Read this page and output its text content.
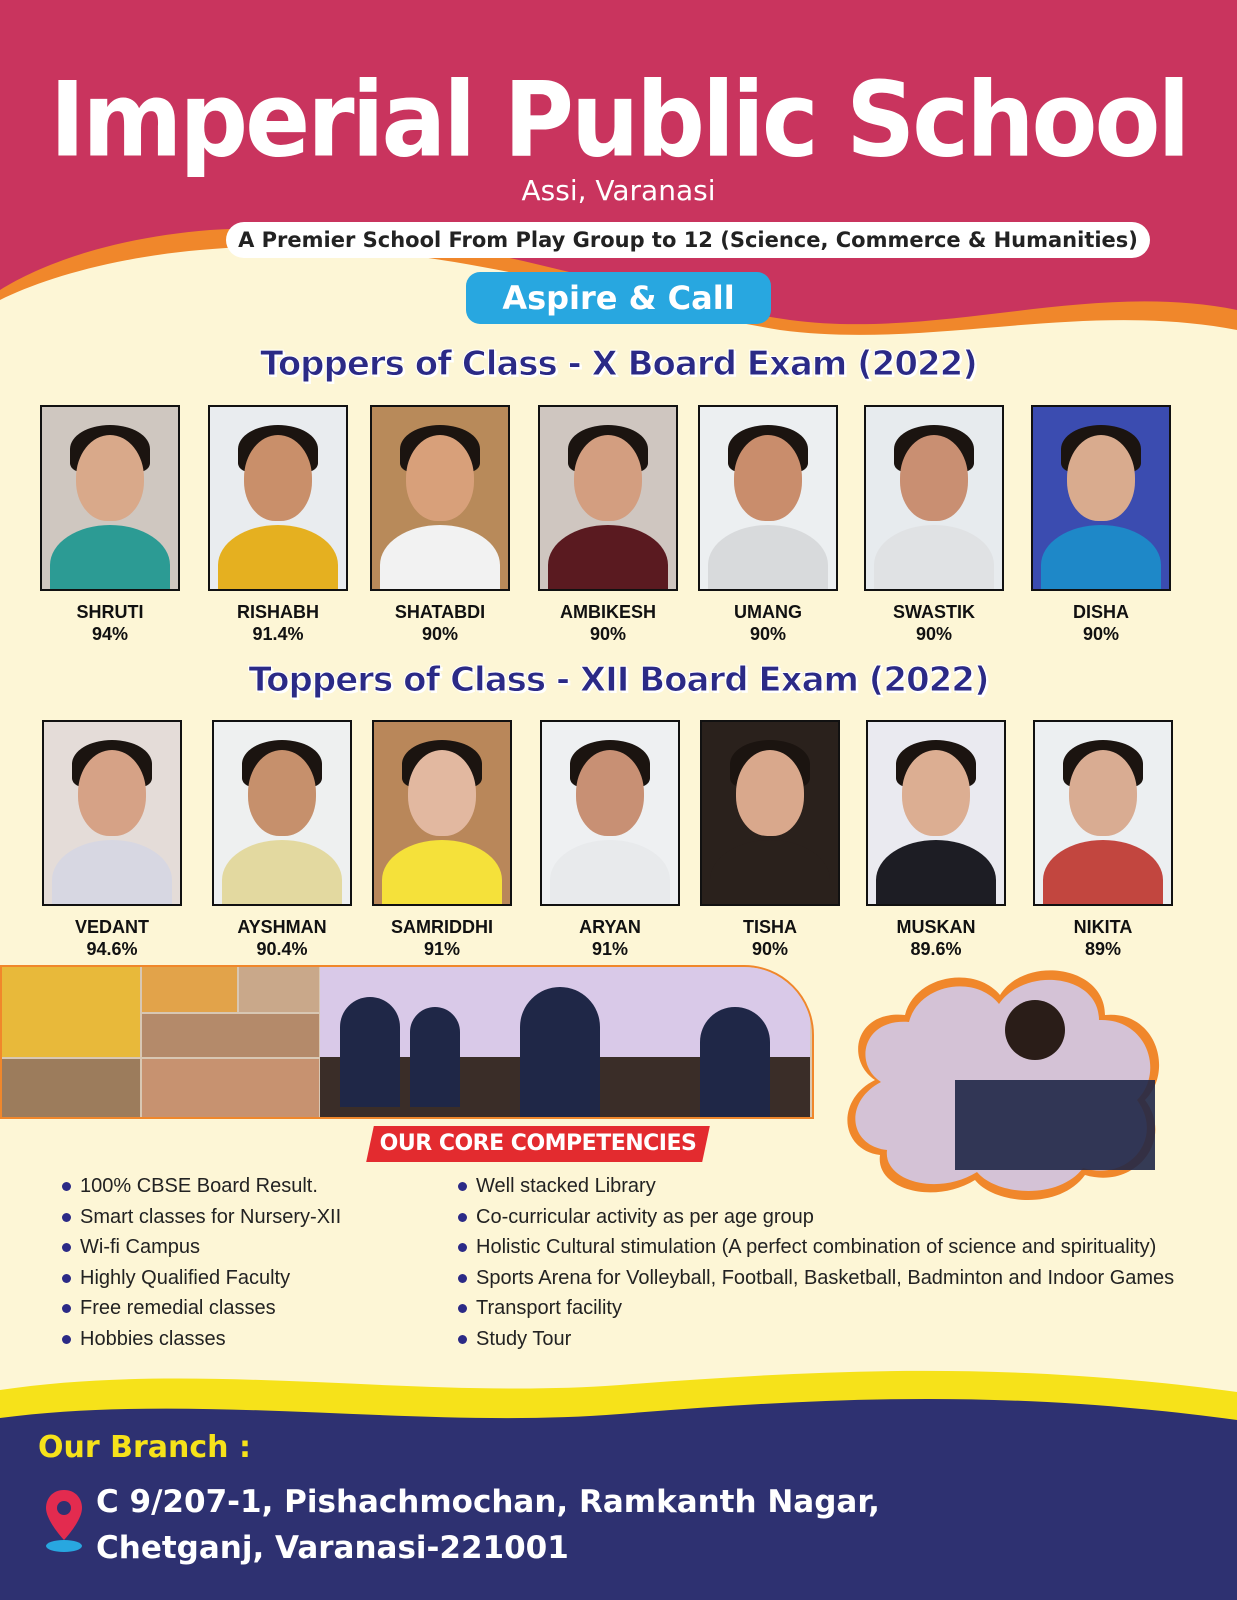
Imperial Public School
Assi, Varanasi
A Premier School From Play Group to 12 (Science, Commerce & Humanities)
Aspire & Call
Toppers of Class - X Board Exam (2022)
SHRUTI
94%
RISHABH
91.4%
SHATABDI
90%
AMBIKESH
90%
UMANG
90%
SWASTIK
90%
DISHA
90%
Toppers of Class - XII Board Exam (2022)
VEDANT
94.6%
AYSHMAN
90.4%
SAMRIDDHI
91%
ARYAN
91%
TISHA
90%
MUSKAN
89.6%
NIKITA
89%
OUR CORE COMPETENCIES
100% CBSE Board Result.
Smart classes for Nursery-XII
Wi-fi Campus
Highly Qualified Faculty
Free remedial classes
Hobbies classes
Well stacked Library
Co-curricular activity as per age group
Holistic Cultural stimulation (A perfect combination of science and spirituality)
Sports Arena for Volleyball, Football, Basketball, Badminton and Indoor Games
Transport facility
Study Tour
Our Branch :
C 9/207-1, Pishachmochan, Ramkanth Nagar,
Chetganj, Varanasi-221001
